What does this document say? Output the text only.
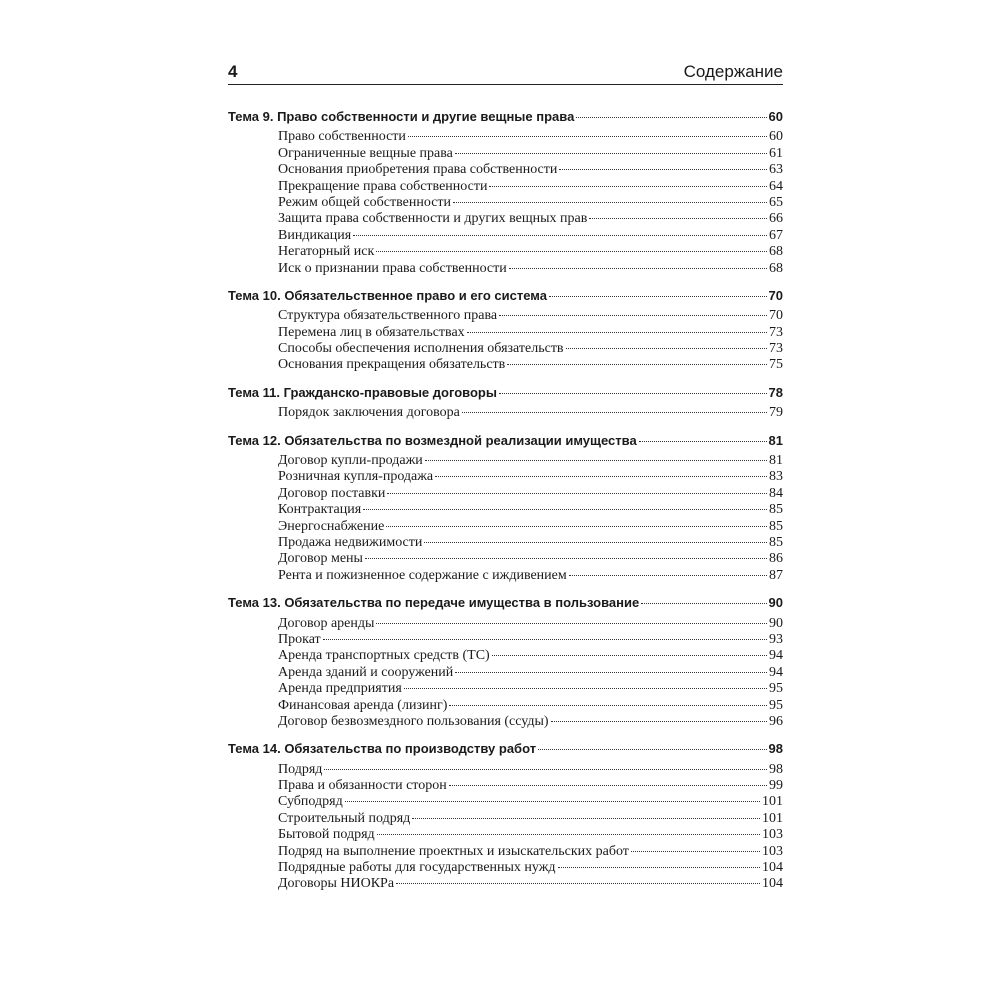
4	Содержание
Тема 9. Право собственности и другие вещные права	60
Право собственности	60
Ограниченные вещные права	61
Основания приобретения права собственности	63
Прекращение права собственности	64
Режим общей собственности	65
Защита права собственности и других вещных прав	66
Виндикация	67
Негаторный иск	68
Иск о признании права собственности	68
Тема 10. Обязательственное право и его система	70
Структура обязательственного права	70
Перемена лиц в обязательствах	73
Способы обеспечения исполнения обязательств	73
Основания прекращения обязательств	75
Тема 11. Гражданско-правовые договоры	78
Порядок заключения договора	79
Тема 12. Обязательства по возмездной реализации имущества	81
Договор купли-продажи	81
Розничная купля-продажа	83
Договор поставки	84
Контрактация	85
Энергоснабжение	85
Продажа недвижимости	85
Договор мены	86
Рента и пожизненное содержание с иждивением	87
Тема 13. Обязательства по передаче имущества в пользование	90
Договор аренды	90
Прокат	93
Аренда транспортных средств (ТС)	94
Аренда зданий и сооружений	94
Аренда предприятия	95
Финансовая аренда (лизинг)	95
Договор безвозмездного пользования (ссуды)	96
Тема 14. Обязательства по производству работ	98
Подряд	98
Права и обязанности сторон	99
Субподряд	101
Строительный подряд	101
Бытовой подряд	103
Подряд на выполнение проектных и изыскательских работ	103
Подрядные работы для государственных нужд	104
Договоры НИОКРа	104
